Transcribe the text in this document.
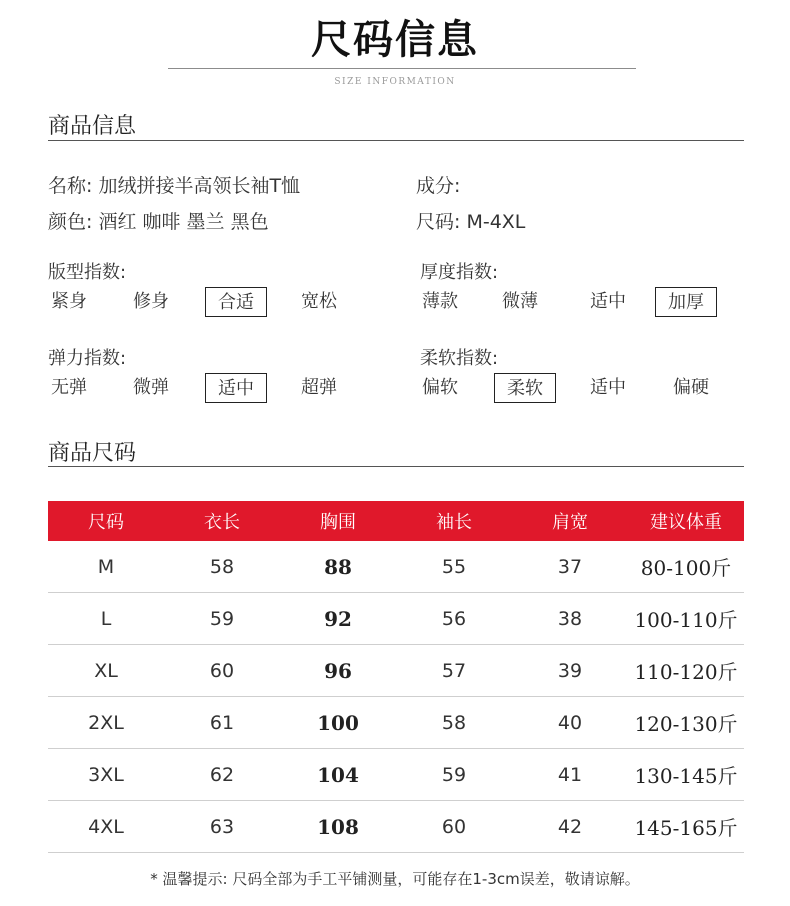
尺码信息
SIZE INFORMATION
商品信息
名称: 加绒拼接半高领长袖T恤	成分:
颜色: 酒红 咖啡 墨兰 黑色	尺码: M-4XL
版型指数:
紧身	修身	合适	宽松
厚度指数:
薄款	微薄	适中	加厚
弹力指数:
无弹	微弹	适中	超弹
柔软指数:
偏软	柔软	适中	偏硬
商品尺码
尺码	衣长	胸围	袖长	肩宽	建议体重
M	58	88	55	37	80-100斤
L	59	92	56	38	100-110斤
XL	60	96	57	39	110-120斤
2XL	61	100	58	40	120-130斤
3XL	62	104	59	41	130-145斤
4XL	63	108	60	42	145-165斤
* 温馨提示: 尺码全部为手工平铺测量，可能存在1-3cm误差，敬请谅解。
